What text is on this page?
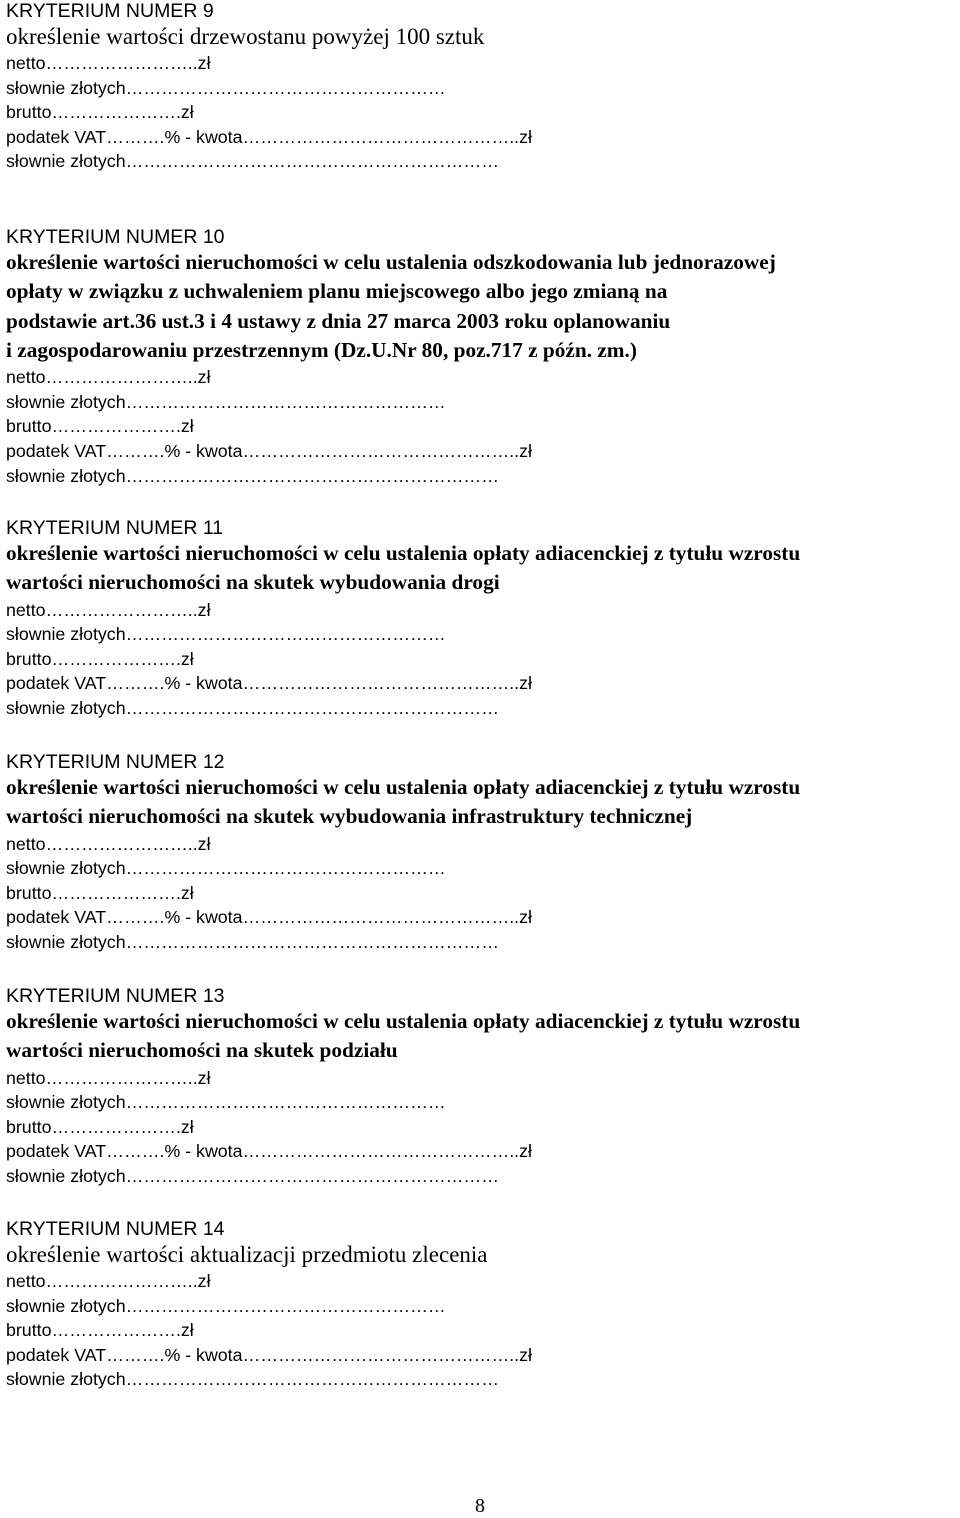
KRYTERIUM NUMER 9
określenie wartości drzewostanu powyżej 100 sztuk
netto……………………..zł
słownie złotych………………………………………………
brutto………………….zł
podatek VAT……….% - kwota………………………………………..zł
słownie złotych………………………………………………………
KRYTERIUM NUMER 10
określenie wartości nieruchomości w celu ustalenia odszkodowania lub jednorazowej
opłaty w związku z uchwaleniem planu miejscowego albo jego zmianą na
podstawie art.36 ust.3 i 4 ustawy z dnia 27 marca 2003 roku oplanowaniu
i zagospodarowaniu przestrzennym (Dz.U.Nr 80, poz.717 z późn. zm.)
netto……………………..zł
słownie złotych………………………………………………
brutto………………….zł
podatek VAT……….% - kwota………………………………………..zł
słownie złotych………………………………………………………
KRYTERIUM NUMER 11
określenie wartości nieruchomości w celu ustalenia opłaty adiacenckiej z tytułu wzrostu
wartości nieruchomości na skutek wybudowania drogi
netto……………………..zł
słownie złotych………………………………………………
brutto………………….zł
podatek VAT……….% - kwota………………………………………..zł
słownie złotych………………………………………………………
KRYTERIUM NUMER 12
określenie wartości nieruchomości w celu ustalenia opłaty adiacenckiej z tytułu wzrostu
wartości nieruchomości na skutek wybudowania infrastruktury technicznej
netto……………………..zł
słownie złotych………………………………………………
brutto………………….zł
podatek VAT……….% - kwota………………………………………..zł
słownie złotych………………………………………………………
KRYTERIUM NUMER 13
określenie wartości nieruchomości w celu ustalenia opłaty adiacenckiej z tytułu wzrostu
wartości nieruchomości na skutek podziału
netto……………………..zł
słownie złotych………………………………………………
brutto………………….zł
podatek VAT……….% - kwota………………………………………..zł
słownie złotych………………………………………………………
KRYTERIUM NUMER 14
określenie wartości aktualizacji przedmiotu zlecenia
netto……………………..zł
słownie złotych………………………………………………
brutto………………….zł
podatek VAT……….% - kwota………………………………………..zł
słownie złotych………………………………………………………
8
